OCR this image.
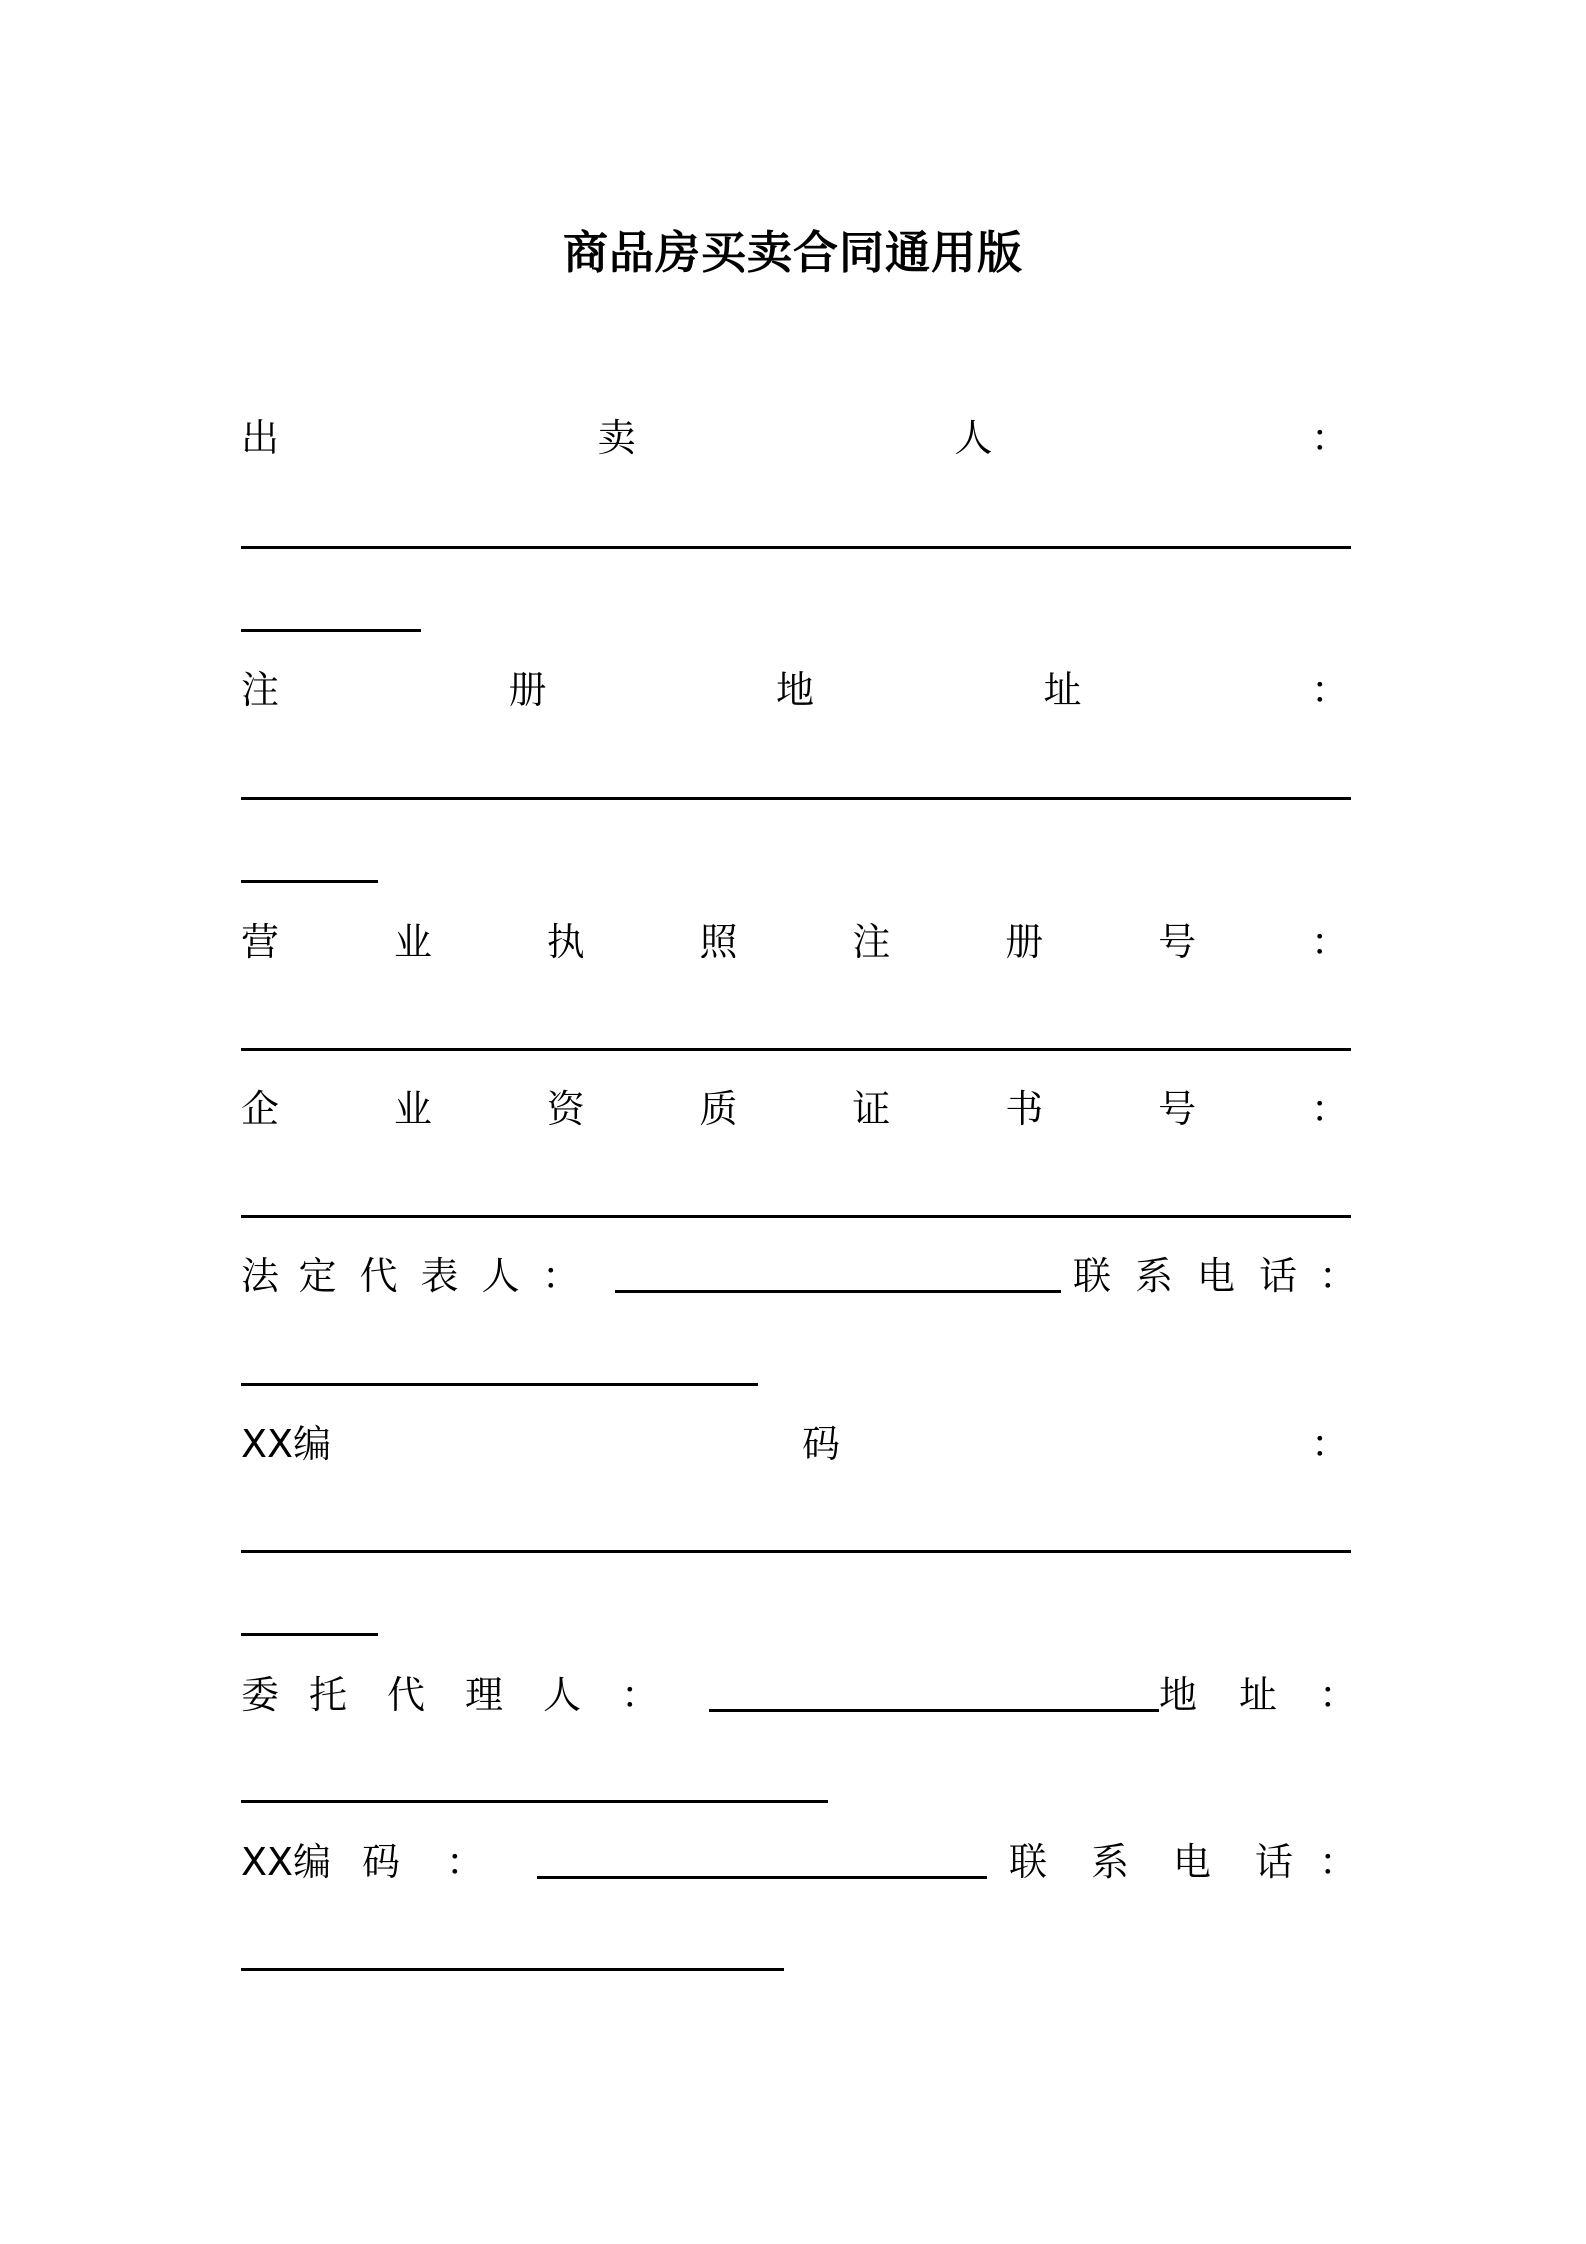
商品房买卖合同通用版
出	卖	人	：
注	册	地	址	：
营	业	执	照	注	册	号	：
企	业	资	质	证	书	号	：
法 定 代 表 人 ：	联 系 电 话 ：
XX编	码	：
委 托	代	理	人	：	地 址 ：
XX编 码	：	联	系	电	话 ：
